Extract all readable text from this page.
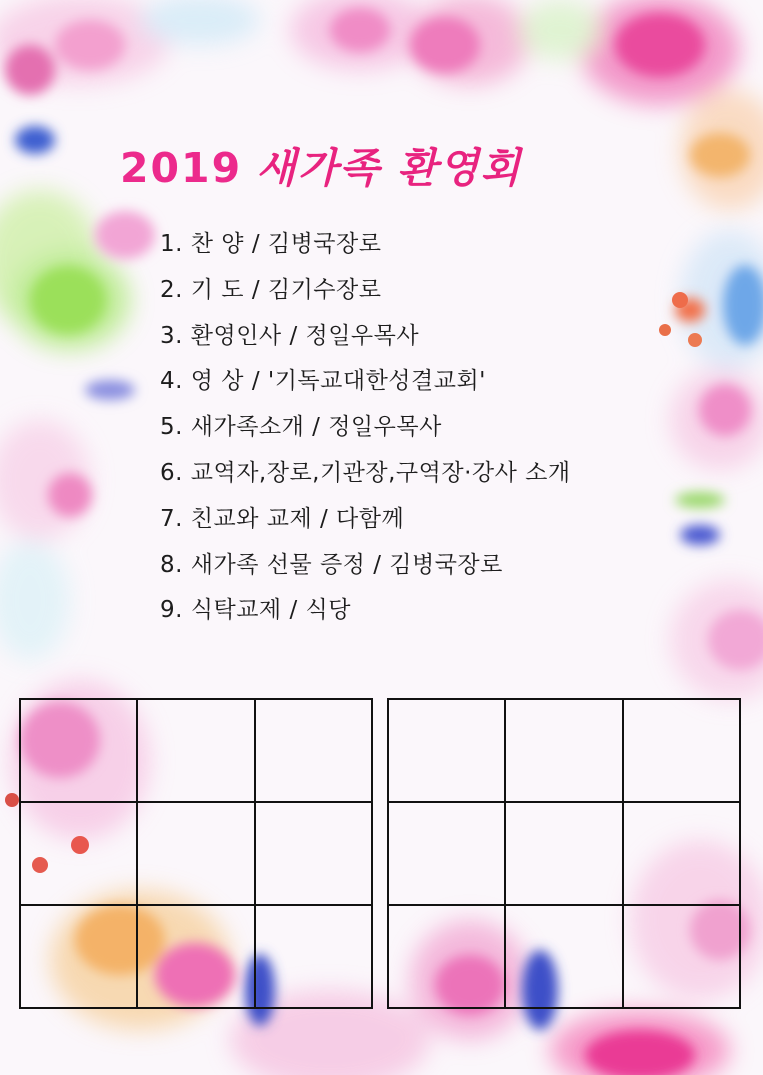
2019 새가족 환영회
1. 찬 양 / 김병국장로
2. 기 도 / 김기수장로
3. 환영인사 / 정일우목사
4. 영 상 / '기독교대한성결교회'
5. 새가족소개 / 정일우목사
6. 교역자,장로,기관장,구역장·강사 소개
7. 친교와 교제 / 다함께
8. 새가족 선물 증정 / 김병국장로
9. 식탁교제 / 식당
